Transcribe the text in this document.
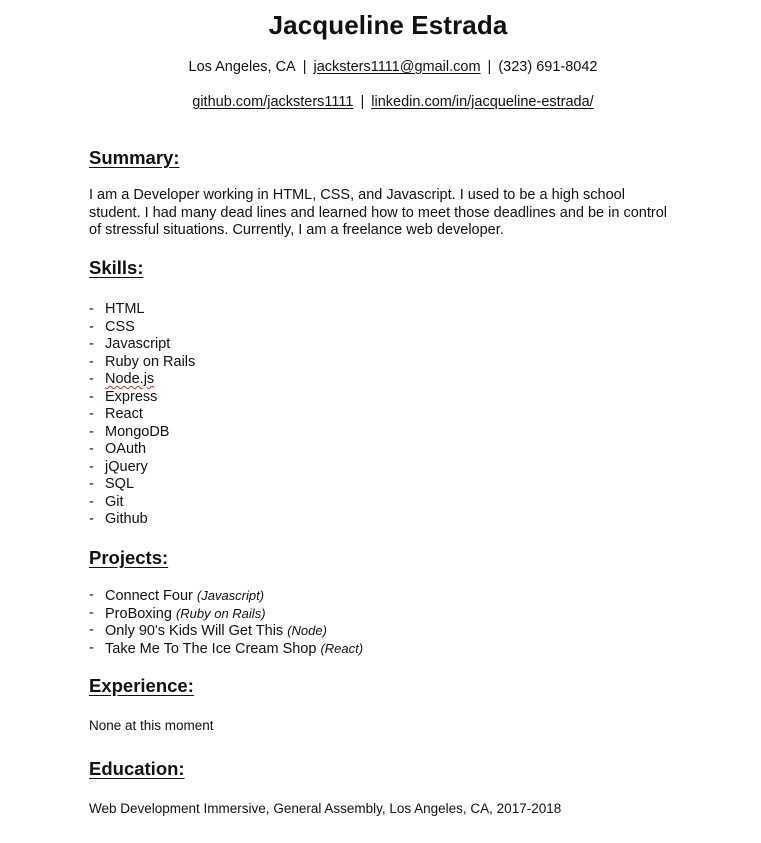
Jacqueline Estrada
Los Angeles, CA | jacksters1111@gmail.com | (323) 691-8042
github.com/jacksters1111 | linkedin.com/in/jacqueline-estrada/
Summary:

I am a Developer working in HTML, CSS, and Javascript. I used to be a high school student. I had many dead lines and learned how to meet those deadlines and be in control of stressful situations. Currently, I am a freelance web developer.

Skills:
- HTML
- CSS
- Javascript
- Ruby on Rails
- Node.js
- Express
- React
- MongoDB
- OAuth
- jQuery
- SQL
- Git
- Github
Projects:
- Connect Four (Javascript)
- ProBoxing (Ruby on Rails)
- Only 90's Kids Will Get This (Node)
- Take Me To The Ice Cream Shop (React)
Experience:

None at this moment

Education:

Web Development Immersive, General Assembly, Los Angeles, CA, 2017-2018
